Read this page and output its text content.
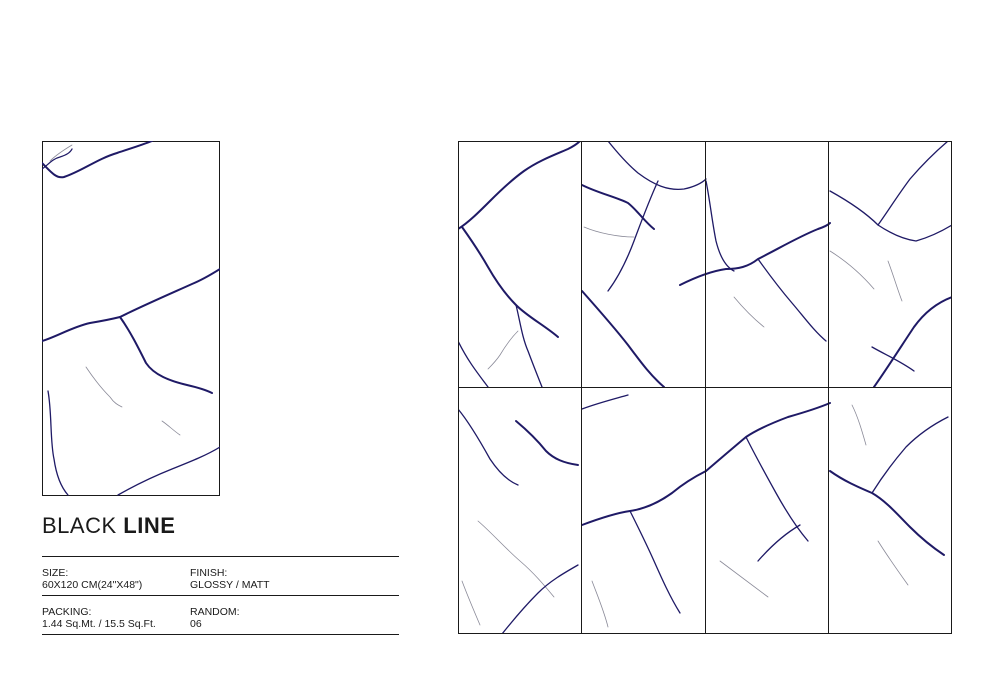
BLACK LINE
SIZE:
60X120 CM(24"X48")
FINISH:
GLOSSY / MATT
PACKING:
1.44 Sq.Mt. / 15.5 Sq.Ft.
RANDOM:
06
